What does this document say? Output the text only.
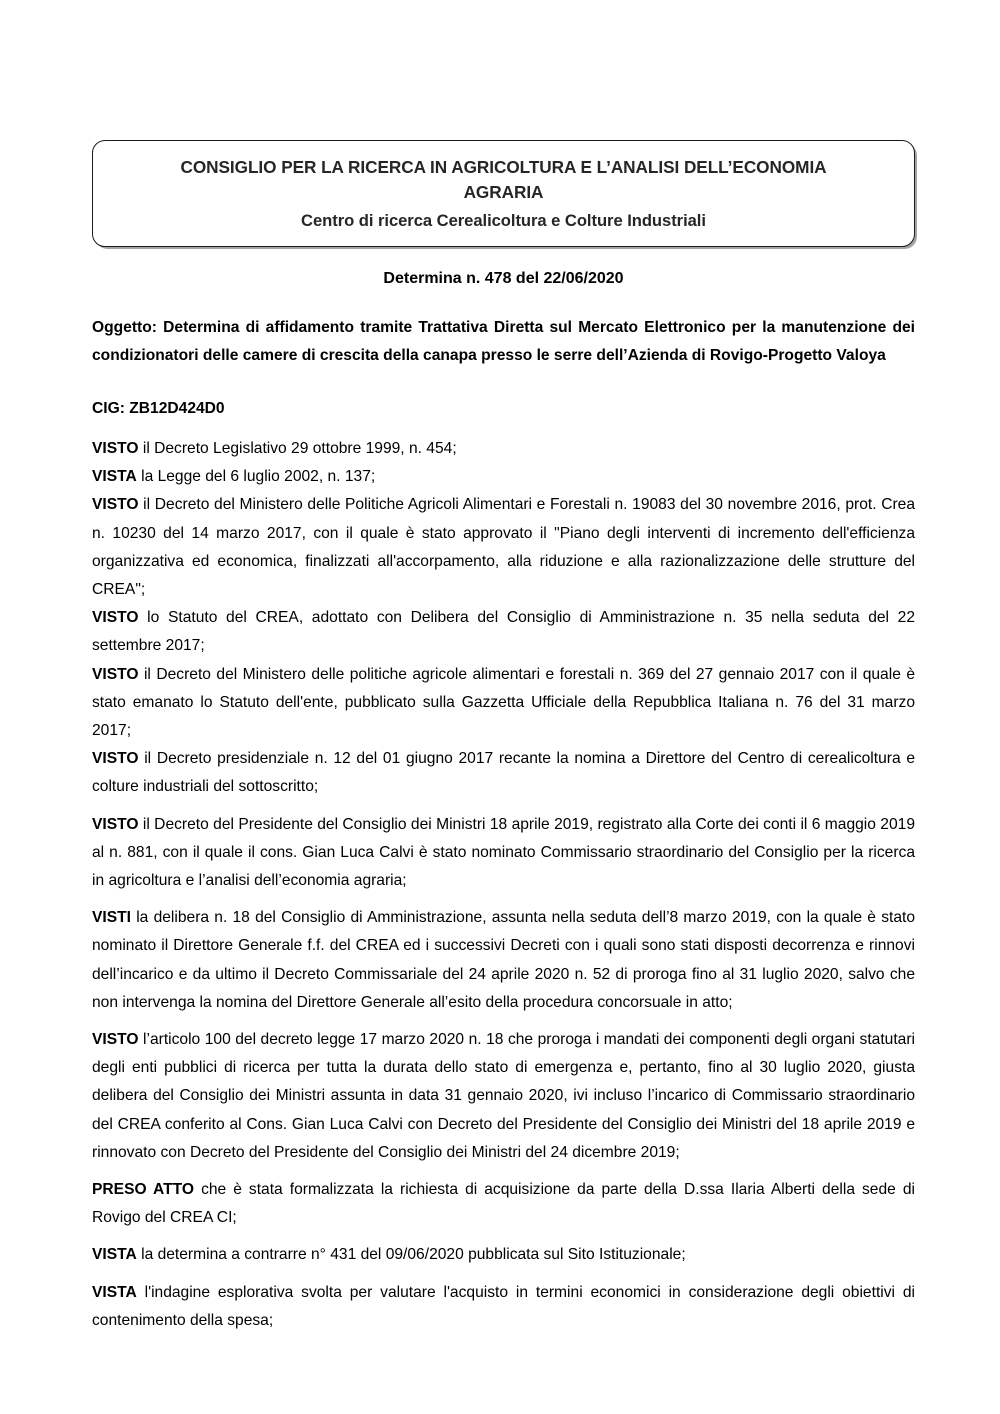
CONSIGLIO PER LA RICERCA IN AGRICOLTURA E L’ANALISI DELL’ECONOMIA
AGRARIA
Centro di ricerca Cerealicoltura e Colture Industriali
Determina n. 478 del 22/06/2020
Oggetto: Determina di affidamento tramite Trattativa Diretta sul Mercato Elettronico per la manutenzione dei condizionatori delle camere di crescita della canapa presso le serre dell’Azienda di Rovigo-Progetto Valoya
CIG: ZB12D424D0

VISTO il Decreto Legislativo 29 ottobre 1999, n. 454;

VISTA la Legge del 6 luglio 2002, n. 137;

VISTO il Decreto del Ministero delle Politiche Agricoli Alimentari e Forestali n. 19083 del 30 novembre 2016, prot. Crea n. 10230 del 14 marzo 2017, con il quale è stato approvato il "Piano degli interventi di incremento dell'efficienza organizzativa ed economica, finalizzati all'accorpamento, alla riduzione e alla razionalizzazione delle strutture del CREA";

VISTO lo Statuto del CREA, adottato con Delibera del Consiglio di Amministrazione n. 35 nella seduta del 22 settembre 2017;

VISTO il Decreto del Ministero delle politiche agricole alimentari e forestali n. 369 del 27 gennaio 2017 con il quale è stato emanato lo Statuto dell'ente, pubblicato sulla Gazzetta Ufficiale della Repubblica Italiana n. 76 del 31 marzo 2017;

VISTO il Decreto presidenziale n. 12 del 01 giugno 2017 recante la nomina a Direttore del Centro di cerealicoltura e colture industriali del sottoscritto;

VISTO il Decreto del Presidente del Consiglio dei Ministri 18 aprile 2019, registrato alla Corte dei conti il 6 maggio 2019 al n. 881, con il quale il cons. Gian Luca Calvi è stato nominato Commissario straordinario del Consiglio per la ricerca in agricoltura e l’analisi dell’economia agraria;

VISTI la delibera n. 18 del Consiglio di Amministrazione, assunta nella seduta dell’8 marzo 2019, con la quale è stato nominato il Direttore Generale f.f. del CREA ed i successivi Decreti con i quali sono stati disposti decorrenza e rinnovi dell’incarico e da ultimo il Decreto Commissariale del 24 aprile 2020 n. 52 di proroga fino al 31 luglio 2020, salvo che non intervenga la nomina del Direttore Generale all’esito della procedura concorsuale in atto;

VISTO l’articolo 100 del decreto legge 17 marzo 2020 n. 18 che proroga i mandati dei componenti degli organi statutari degli enti pubblici di ricerca per tutta la durata dello stato di emergenza e, pertanto, fino al 30 luglio 2020, giusta delibera del Consiglio dei Ministri assunta in data 31 gennaio 2020, ivi incluso l’incarico di Commissario straordinario del CREA conferito al Cons. Gian Luca Calvi con Decreto del Presidente del Consiglio dei Ministri del 18 aprile 2019 e rinnovato con Decreto del Presidente del Consiglio dei Ministri del 24 dicembre 2019;

PRESO ATTO che è stata formalizzata la richiesta di acquisizione da parte della D.ssa Ilaria Alberti della sede di Rovigo del CREA CI;

VISTA la determina a contrarre n° 431 del 09/06/2020 pubblicata sul Sito Istituzionale;

VISTA l'indagine esplorativa svolta per valutare l'acquisto in termini economici in considerazione degli obiettivi di contenimento della spesa;
